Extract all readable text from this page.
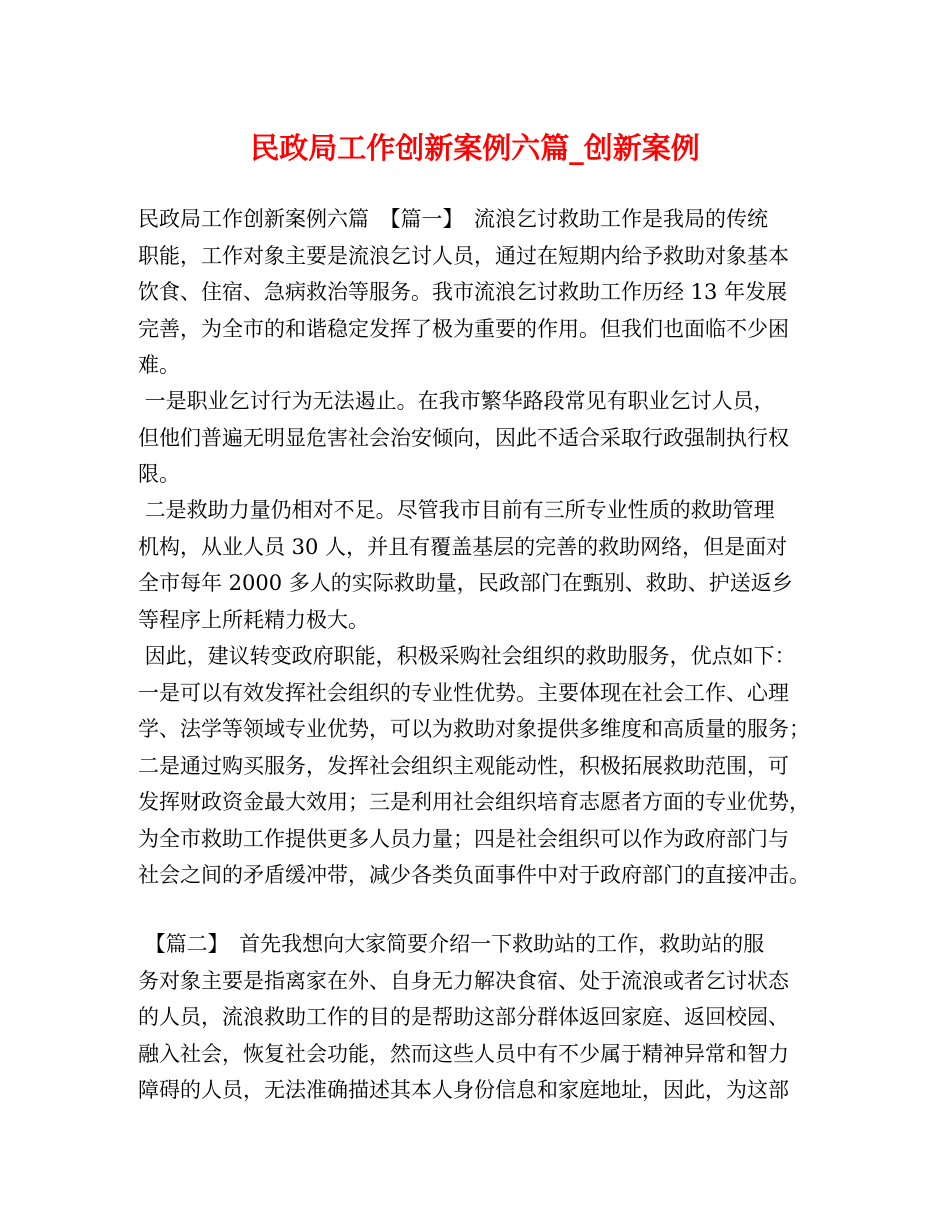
民政局工作创新案例六篇_创新案例

民政局工作创新案例六篇　【篇一】　流浪乞讨救助工作是我局的传统
职能，工作对象主要是流浪乞讨人员，通过在短期内给予救助对象基本
饮食、住宿、急病救治等服务。我市流浪乞讨救助工作历经 13 年发展
完善，为全市的和谐稳定发挥了极为重要的作用。但我们也面临不少困
难。

一是职业乞讨行为无法遏止。在我市繁华路段常见有职业乞讨人员，
但他们普遍无明显危害社会治安倾向，因此不适合采取行政强制执行权
限。

二是救助力量仍相对不足。尽管我市目前有三所专业性质的救助管理
机构，从业人员 30 人，并且有覆盖基层的完善的救助网络，但是面对
全市每年 2000 多人的实际救助量，民政部门在甄别、救助、护送返乡
等程序上所耗精力极大。

因此，建议转变政府职能，积极采购社会组织的救助服务，优点如下：
一是可以有效发挥社会组织的专业性优势。主要体现在社会工作、心理
学、法学等领域专业优势，可以为救助对象提供多维度和高质量的服务；
二是通过购买服务，发挥社会组织主观能动性，积极拓展救助范围，可
发挥财政资金最大效用；三是利用社会组织培育志愿者方面的专业优势，
为全市救助工作提供更多人员力量；四是社会组织可以作为政府部门与
社会之间的矛盾缓冲带，减少各类负面事件中对于政府部门的直接冲击。

【篇二】　首先我想向大家简要介绍一下救助站的工作，救助站的服
务对象主要是指离家在外、自身无力解决食宿、处于流浪或者乞讨状态
的人员，流浪救助工作的目的是帮助这部分群体返回家庭、返回校园、
融入社会，恢复社会功能，然而这些人员中有不少属于精神异常和智力
障碍的人员，无法准确描述其本人身份信息和家庭地址，因此，为这部
